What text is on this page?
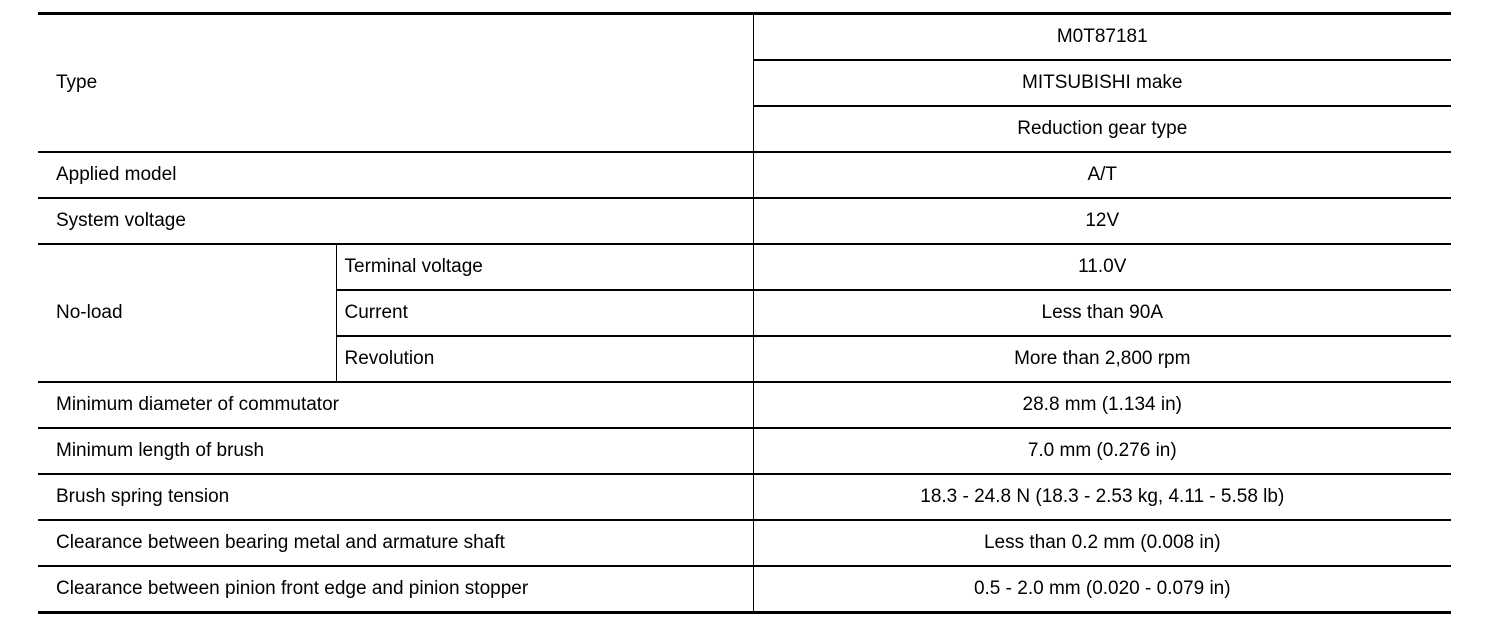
Type		M0T87181
		MITSUBISHI make
		Reduction gear type
Applied model		A/T
System voltage		12V
No-load	Terminal voltage	11.0V
	Current	Less than 90A
	Revolution	More than 2,800 rpm
Minimum diameter of commutator		28.8 mm (1.134 in)
Minimum length of brush		7.0 mm (0.276 in)
Brush spring tension		18.3 - 24.8 N (18.3 - 2.53 kg, 4.11 - 5.58 lb)
Clearance between bearing metal and armature shaft		Less than 0.2 mm (0.008 in)
Clearance between pinion front edge and pinion stopper		0.5 - 2.0 mm (0.020 - 0.079 in)
